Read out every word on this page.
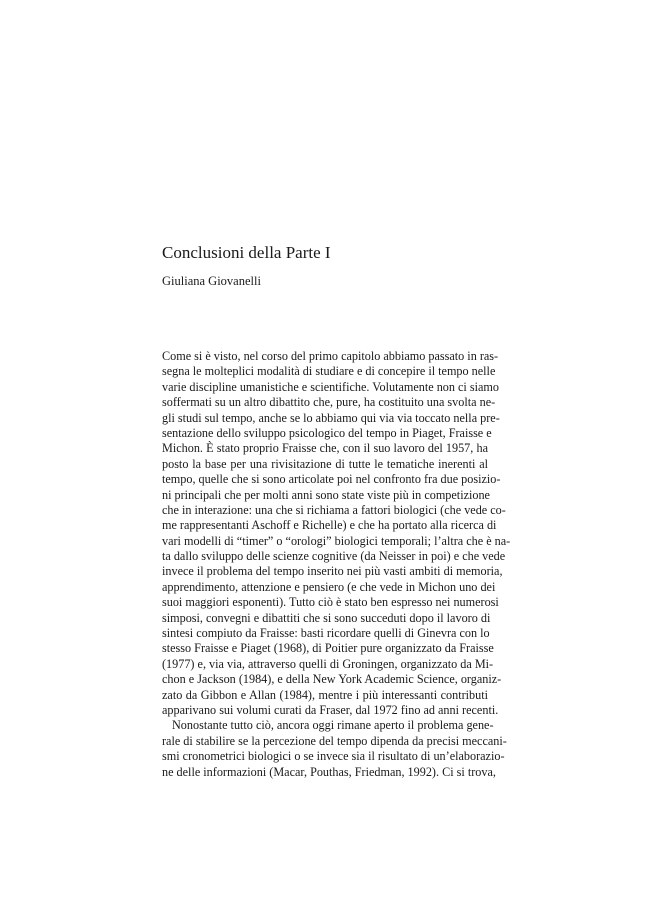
Conclusioni della Parte I

Giuliana Giovanelli

Come si è visto, nel corso del primo capitolo abbiamo passato in ras-
segna le molteplici modalità di studiare e di concepire il tempo nelle
varie discipline umanistiche e scientifiche. Volutamente non ci siamo
soffermati su un altro dibattito che, pure, ha costituito una svolta ne-
gli studi sul tempo, anche se lo abbiamo qui via via toccato nella pre-
sentazione dello sviluppo psicologico del tempo in Piaget, Fraisse e
Michon. È stato proprio Fraisse che, con il suo lavoro del 1957, ha
posto la base per una rivisitazione di tutte le tematiche inerenti al
tempo, quelle che si sono articolate poi nel confronto fra due posizio-
ni principali che per molti anni sono state viste più in competizione
che in interazione: una che si richiama a fattori biologici (che vede co-
me rappresentanti Aschoff e Richelle) e che ha portato alla ricerca di
vari modelli di “timer” o “orologi” biologici temporali; l’altra che è na-
ta dallo sviluppo delle scienze cognitive (da Neisser in poi) e che vede
invece il problema del tempo inserito nei più vasti ambiti di memoria,
apprendimento, attenzione e pensiero (e che vede in Michon uno dei
suoi maggiori esponenti). Tutto ciò è stato ben espresso nei numerosi
simposi, convegni e dibattiti che si sono succeduti dopo il lavoro di
sintesi compiuto da Fraisse: basti ricordare quelli di Ginevra con lo
stesso Fraisse e Piaget (1968), di Poitier pure organizzato da Fraisse
(1977) e, via via, attraverso quelli di Groningen, organizzato da Mi-
chon e Jackson (1984), e della New York Academic Science, organiz-
zato da Gibbon e Allan (1984), mentre i più interessanti contributi
apparivano sui volumi curati da Fraser, dal 1972 fino ad anni recenti.
Nonostante tutto ciò, ancora oggi rimane aperto il problema gene-
rale di stabilire se la percezione del tempo dipenda da precisi meccani-
smi cronometrici biologici o se invece sia il risultato di un’elaborazio-
ne delle informazioni (Macar, Pouthas, Friedman, 1992). Ci si trova,
